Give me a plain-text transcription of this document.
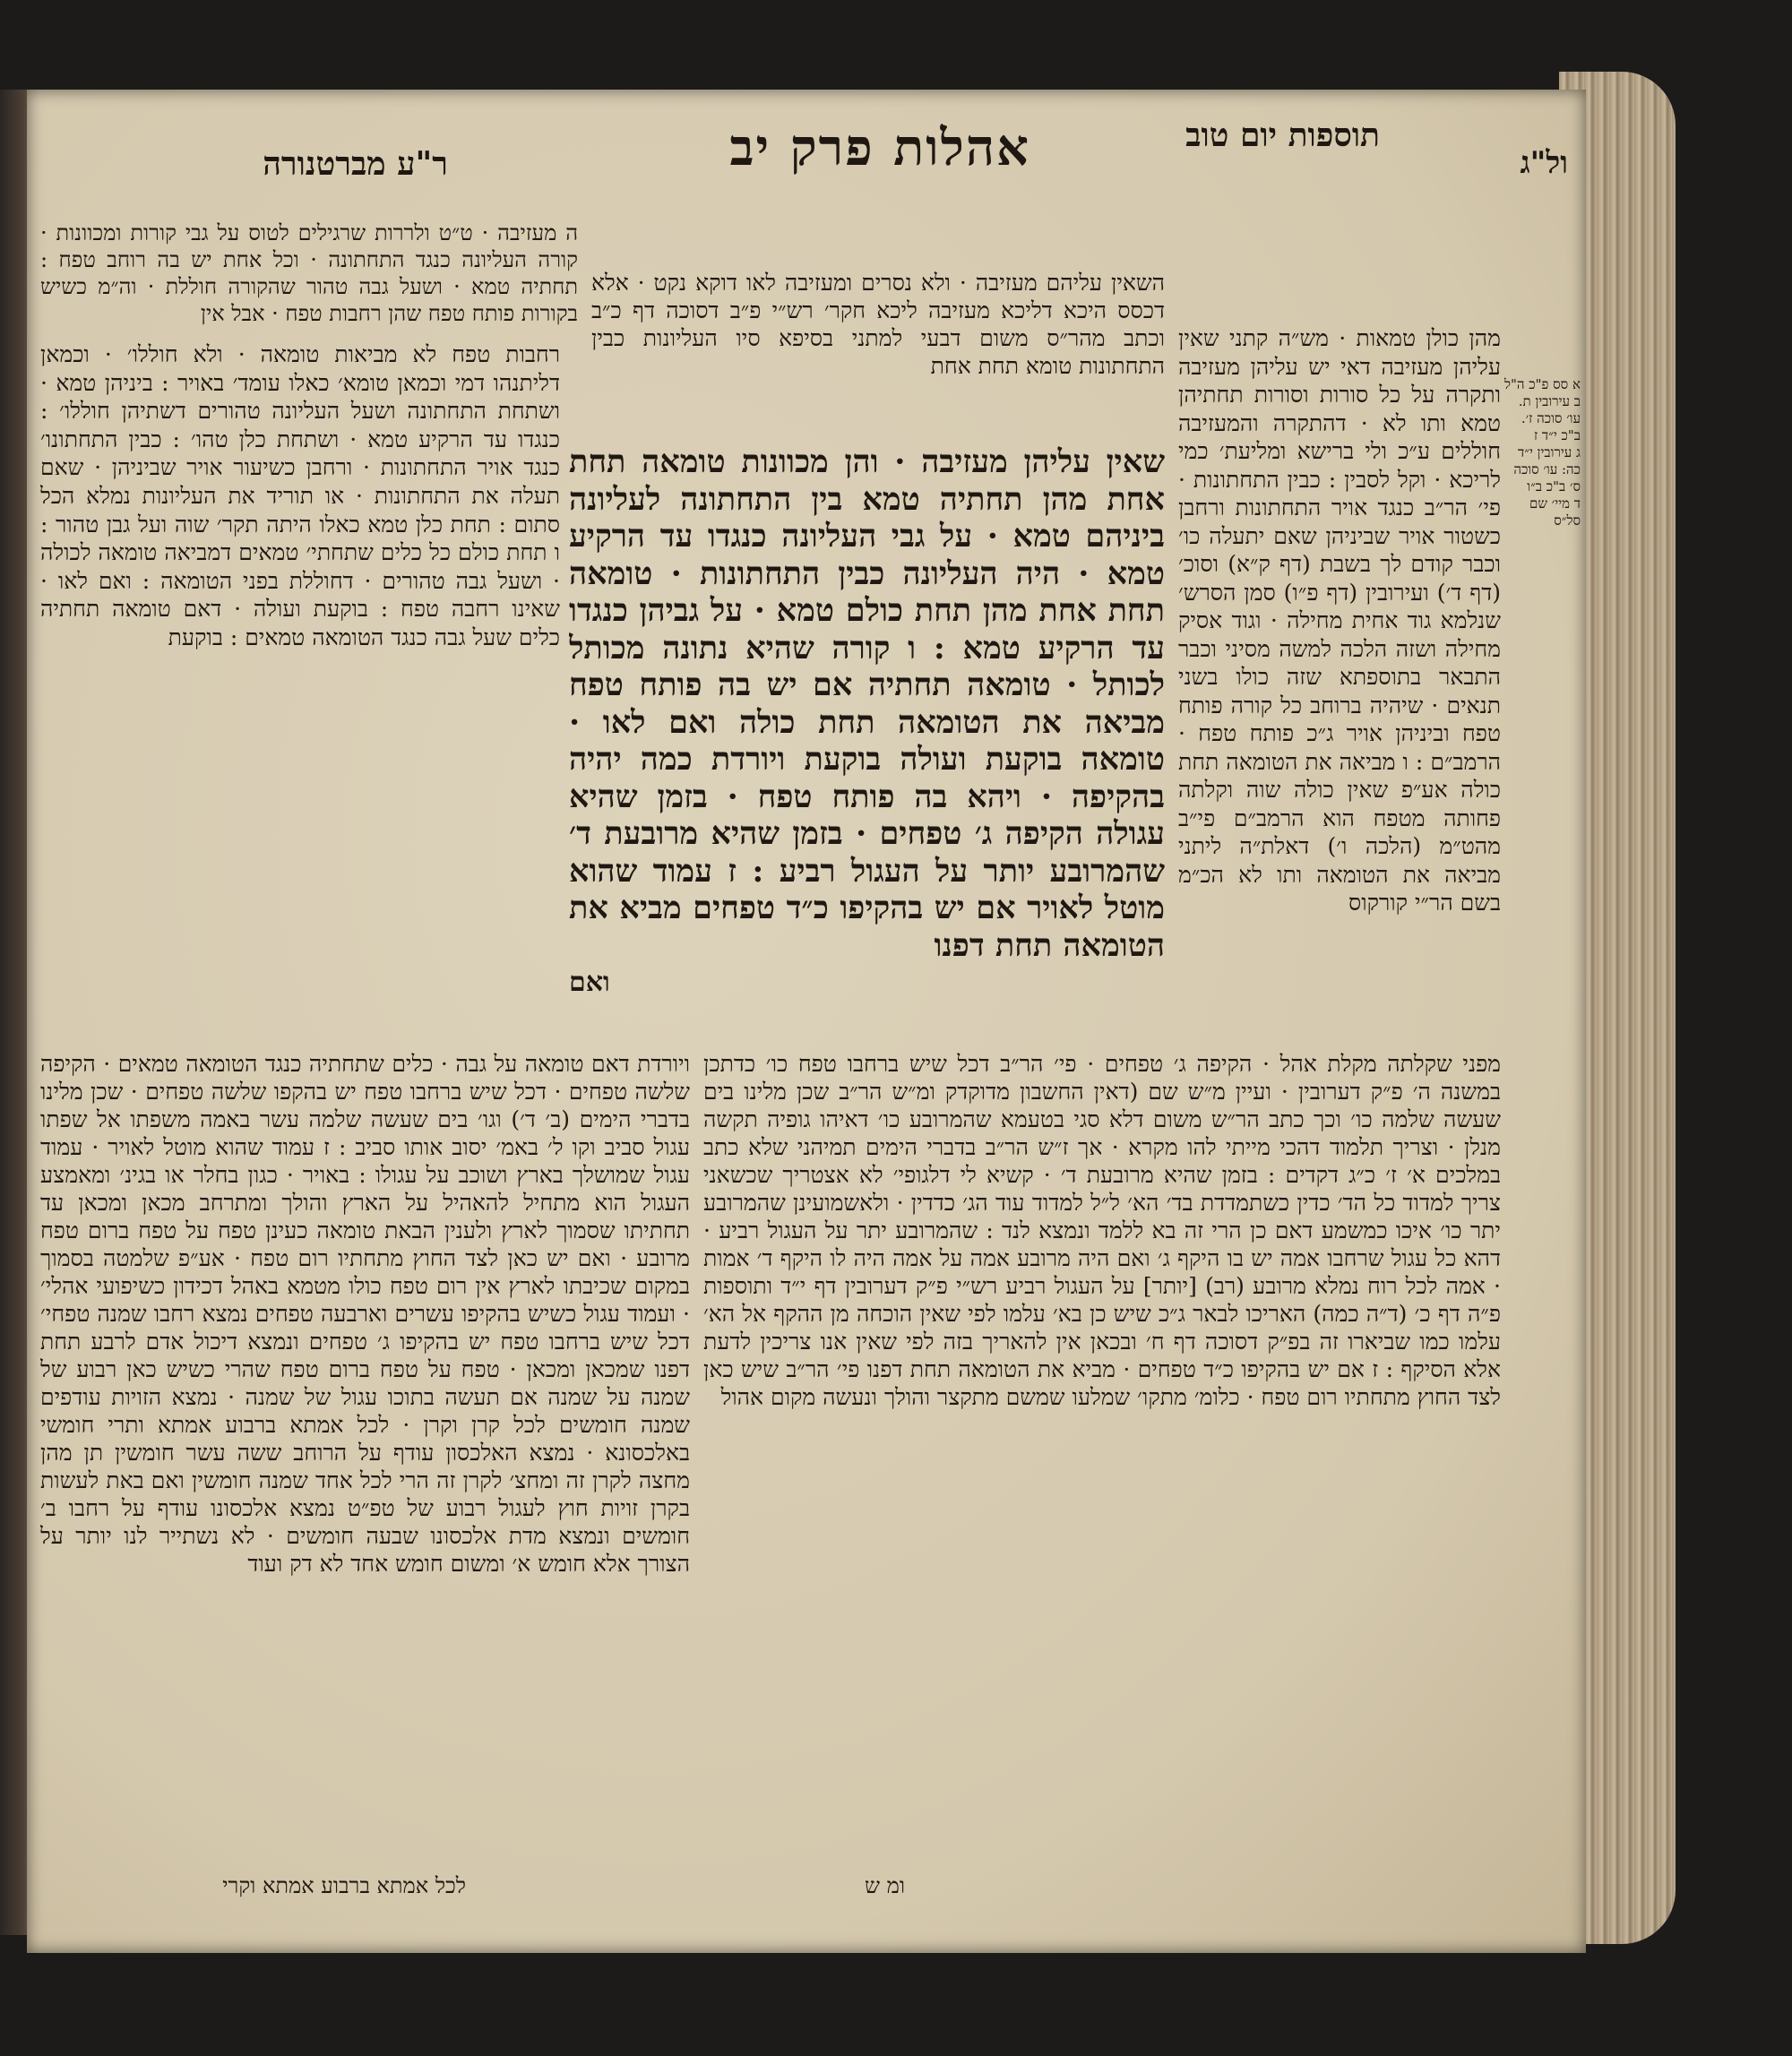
ול"ג
תוספות יום טוב
אהלות פרק יב
ר"ע מברטנורה
א סס פ"כ ה"ל
ב עירובין ת.
עו׳ סוכה ז׳.
ב"כ י״ד ז
ג עירובין י״ד
כה: עו׳ סוכה
ס׳ ב"כ ב״ו
ד מיי׳ שם סל״ס

השאין עליהם מעזיבה · ולא נסרים ומעזיבה לאו דוקא נקט · אלא דכסס היכא דליכא מעזיבה ליכא חקר׳ רש״י פ״ב דסוכה דף כ״ב וכתב מהר״ס משום דבעי למתני בסיפא סיו העליונות כבין התחתונות טומא תחת אחת

ה מעזיבה · ט״ט ולררות שרגילים לטוס על גבי קורות ומכוונות · קורה העליונה כנגד התחתונה · וכל אחת יש בה רוחב טפח : תחתיה טמא · ושעל גבה טהור שהקורה חוללת · וה״מ כשיש בקורות פותח טפח שהן רחבות טפח · אבל אין

מהן כולן טמאות · מש״ה קתני שאין עליהן מעזיבה דאי יש עליהן מעזיבה ותקרה על כל סורות וסורות תחתיהן טמא ותו לא · דהתקרה והמעזיבה חוללים ע״כ ולי ברישא ומליעת׳ כמי לריכא · וקל לסבין : כבין התחתונות · פי׳ הר״ב כנגד אויר התחתונות ורחבן כשטור אויר שביניהן שאם יתעלה כו׳ וכבר קודם לך בשבת (דף ק״א) וסוכ׳ (דף ד׳) ועירובין (דף פ״ו) סמן הסרש׳ שנלמא גוד אחית מחילה · וגוד אסיק מחילה ושזה הלכה למשה מסיני וכבר התבאר בתוספתא שזה כולו בשני תנאים · שיהיה ברוחב כל קורה פותח טפח וביניהן אויר ג״כ פותח טפח · הרמב״ם : ו מביאה את הטומאה תחת כולה אע״פ שאין כולה שוה וקלתה פחותה מטפח הוא הרמב״ם פי״ב מהט״מ (הלכה ו׳) דאלת״ה ליתני מביאה את הטומאה ותו לא הכ״מ בשם הר״י קורקוס

שאין עליהן מעזיבה · והן מכוונות טומאה תחת אחת מהן תחתיה טמא בין התחתונה לעליונה ביניהם טמא · על גבי העליונה כנגדו עד הרקיע טמא · היה העליונה כבין התחתונות · טומאה תחת אחת מהן תחת כולם טמא · על גביהן כנגדו עד הרקיע טמא : ו קורה שהיא נתונה מכותל לכותל · טומאה תחתיה אם יש בה פותח טפח מביאה את הטומאה תחת כולה ואם לאו · טומאה בוקעת ועולה בוקעת ויורדת כמה יהיה בהקיפה · ויהא בה פותח טפח · בזמן שהיא עגולה הקיפה ג׳ טפחים · בזמן שהיא מרובעת ד׳ שהמרובע יותר על העגול רביע : ז עמוד שהוא מוטל לאויר אם יש בהקיפו כ״ד טפחים מביא את הטומאה תחת דפנו
ואם

רחבות טפח לא מביאות טומאה · ולא חוללו׳ · וכמאן דליתנהו דמי וכמאן טומא׳ כאלו עומד׳ באויר : ביניהן טמא · ושתחת התחתונה ושעל העליונה טהורים דשתיהן חוללו׳ : כנגדו עד הרקיע טמא · ושתחת כלן טהו׳ : כבין התחתונו׳ כנגד אויר התחתונות · ורחבן כשיעור אויר שביניהן · שאם תעלה את התחתונות · או תוריד את העליונות נמלא הכל סתום : תחת כלן טמא כאלו היתה תקר׳ שוה ועל גבן טהור : ו תחת כולם כל כלים שתחתי׳ טמאים דמביאה טומאה לכולה · ושעל גבה טהורים · דחוללת בפני הטומאה : ואם לאו · שאינו רחבה טפח : בוקעת ועולה · דאם טומאה תחתיה כלים שעל גבה כנגד הטומאה טמאים : בוקעת

ויורדת דאם טומאה על גבה · כלים שתחתיה כנגד הטומאה טמאים · הקיפה שלשה טפחים · דכל שיש ברחבו טפח יש בהקפו שלשה טפחים · שכן מלינו בדברי הימים (ב׳ ד׳) וגו׳ בים שעשה שלמה עשר באמה משפתו אל שפתו עגול סביב וקו ל׳ באמ׳ יסוב אותו סביב : ז עמוד שהוא מוטל לאויר · עמוד עגול שמושלך בארץ ושוכב על עגולו : באויר · כגון בחלר או בגינ׳ ומאמצע העגול הוא מתחיל להאהיל על הארץ והולך ומתרחב מכאן ומכאן עד תחתיתו שסמוך לארץ ולענין הבאת טומאה כעינן טפח על טפח ברום טפח מרובע · ואם יש כאן לצד החוץ מתחתיו רום טפח · אע״פ שלמטה בסמוך במקום שכיבתו לארץ אין רום טפח כולו מטמא באהל דכידון כשיפועי אהלי׳ · ועמוד עגול כשיש בהקיפו עשרים וארבעה טפחים נמצא רחבו שמנה טפחי׳ דכל שיש ברחבו טפח יש בהקיפו ג׳ טפחים ונמצא דיכול אדם לרבע תחת דפנו שמכאן ומכאן · טפח על טפח ברום טפח שהרי כשיש כאן רבוע של שמנה על שמנה אם תעשה בתוכו עגול של שמנה · נמצא הזויות עודפים שמנה חומשים לכל קרן וקרן · לכל אמתא ברבוע אמתא ותרי חומשי באלכסונא · נמצא האלכסון עודף על הרוחב ששה עשר חומשין תן מהן מחצה לקרן זה ומחצ׳ לקרן זה הרי לכל אחד שמנה חומשין ואם באת לעשות בקרן זויות חוץ לעגול רבוע של טפ״ט נמצא אלכסונו עודף על רחבו ב׳ חומשים ונמצא מדת אלכסונו שבעה חומשים · לא נשתייר לנו יותר על הצורך אלא חומש א׳ ומשום חומש אחד לא דק ועוד

מפני שקלתה מקלת אהל · הקיפה ג׳ טפחים · פי׳ הר״ב דכל שיש ברחבו טפח כו׳ כדתכן במשנה ה׳ פ״ק דערובין · ועיין מ״ש שם (דאין החשבון מדוקדק ומ״ש הר״ב שכן מלינו בים שעשה שלמה כו׳ וכך כתב הר״ש משום דלא סגי בטעמא שהמרובע כו׳ דאיהו גופיה תקשה מנלן · וצריך תלמוד דהכי מייתי להו מקרא · אך ז״ש הר״ב בדברי הימים תמיהני שלא כתב במלכים א׳ ז׳ כ״ג דקדים : בזמן שהיא מרובעת ד׳ · קשיא לי דלגופי׳ לא אצטריך שכשאני צריך למדוד כל הד׳ כדין כשתמדדת בד׳ הא׳ ל״ל למדוד עוד הג׳ כדדין · ולאשמועינן שהמרובע יתר כו׳ איכו כמשמע דאם כן הרי זה בא ללמד ונמצא לנד : שהמרובע יתר על העגול רביע · דהא כל עגול שרחבו אמה יש בו היקף ג׳ ואם היה מרובע אמה על אמה היה לו היקף ד׳ אמות · אמה לכל רוח נמלא מרובע (רב) [יותר] על העגול רביע רש״י פ״ק דערובין דף י״ד ותוספות פ״ה דף כ׳ (ד״ה כמה) האריכו לבאר ג״כ שיש כן בא׳ עלמו לפי שאין הוכחה מן ההקף אל הא׳ עלמו כמו שביארו זה בפ״ק דסוכה דף ח׳ ובכאן אין להאריך בזה לפי שאין אנו צריכין לדעת אלא הסיקף : ז אם יש בהקיפו כ״ד טפחים · מביא את הטומאה תחת דפנו פי׳ הר״ב שיש כאן לצד החוץ מתחתיו רום טפח · כלומ׳ מתקו׳ שמלעו שמשם מתקצר והולך ונעשה מקום אהול

לכל אמתא ברבוע אמתא וקרי	ומ ש
